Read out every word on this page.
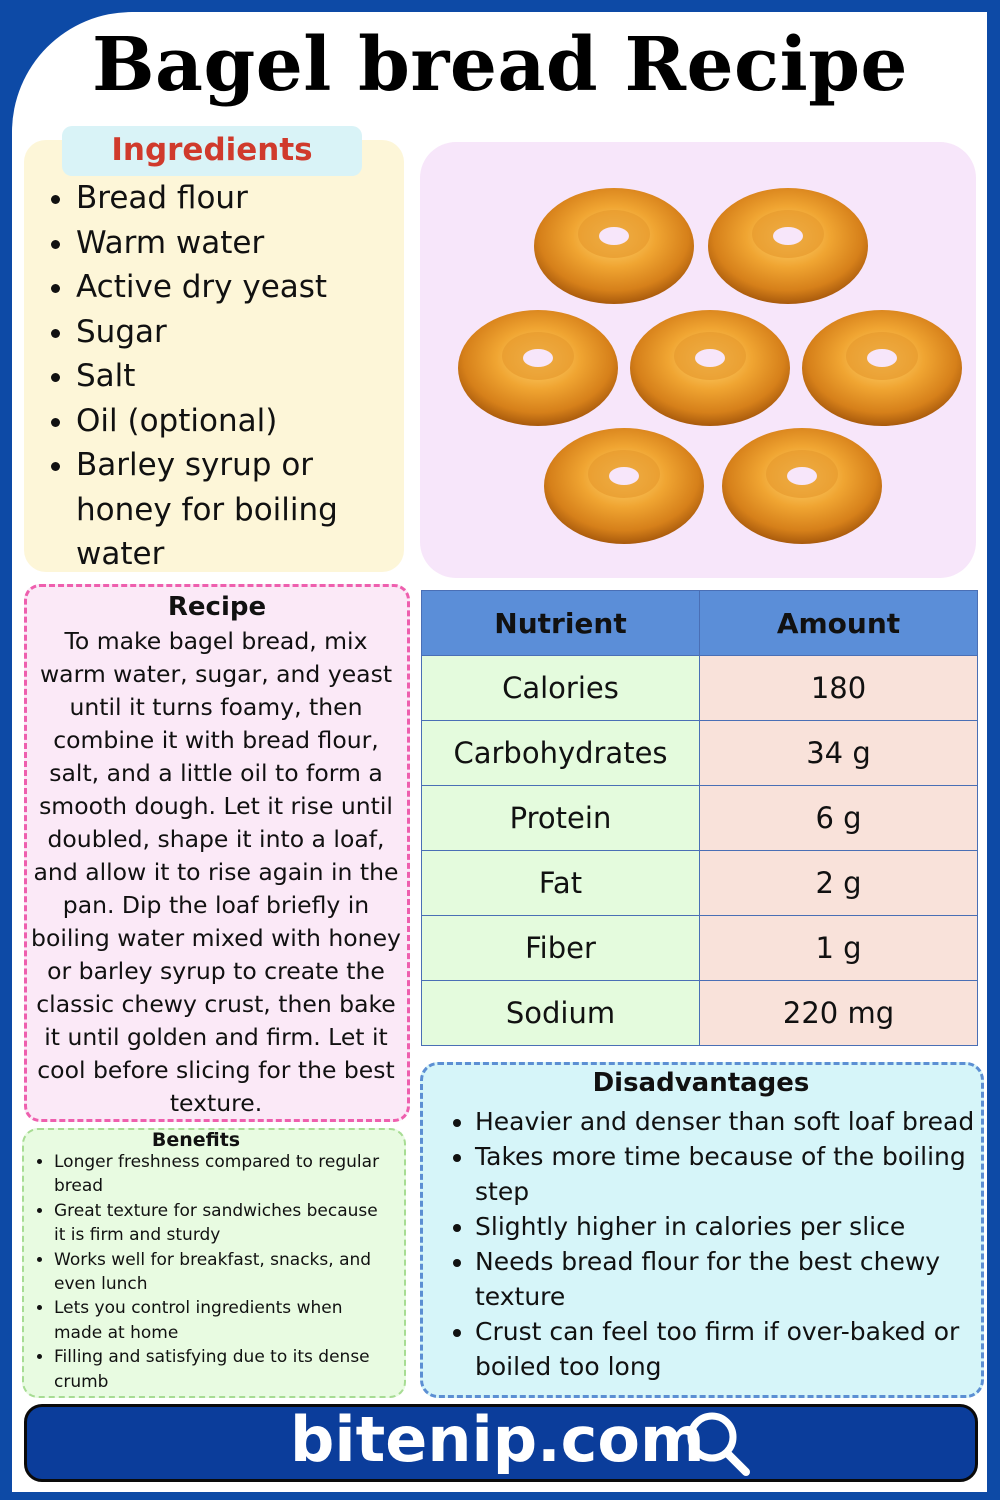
Bagel bread Recipe
Ingredients
• Bread flour
• Warm water
• Active dry yeast
• Sugar
• Salt
• Oil (optional)
• Barley syrup or honey for boiling water
Recipe

To make bagel bread, mix warm water, sugar, and yeast until it turns foamy, then combine it with bread flour, salt, and a little oil to form a smooth dough. Let it rise until doubled, shape it into a loaf, and allow it to rise again in the pan. Dip the loaf briefly in boiling water mixed with honey or barley syrup to create the classic chewy crust, then bake it until golden and firm. Let it cool before slicing for the best texture.

Nutrient	Amount
Calories	180
Carbohydrates	34 g
Protein	6 g
Fat	2 g
Fiber	1 g
Sodium	220 mg
Benefits
• Longer freshness compared to regular bread
• Great texture for sandwiches because it is firm and sturdy
• Works well for breakfast, snacks, and even lunch
• Lets you control ingredients when made at home
• Filling and satisfying due to its dense crumb
Disadvantages
• Heavier and denser than soft loaf bread
• Takes more time because of the boiling step
• Slightly higher in calories per slice
• Needs bread flour for the best chewy texture
• Crust can feel too firm if over-baked or boiled too long
bitenip.com
